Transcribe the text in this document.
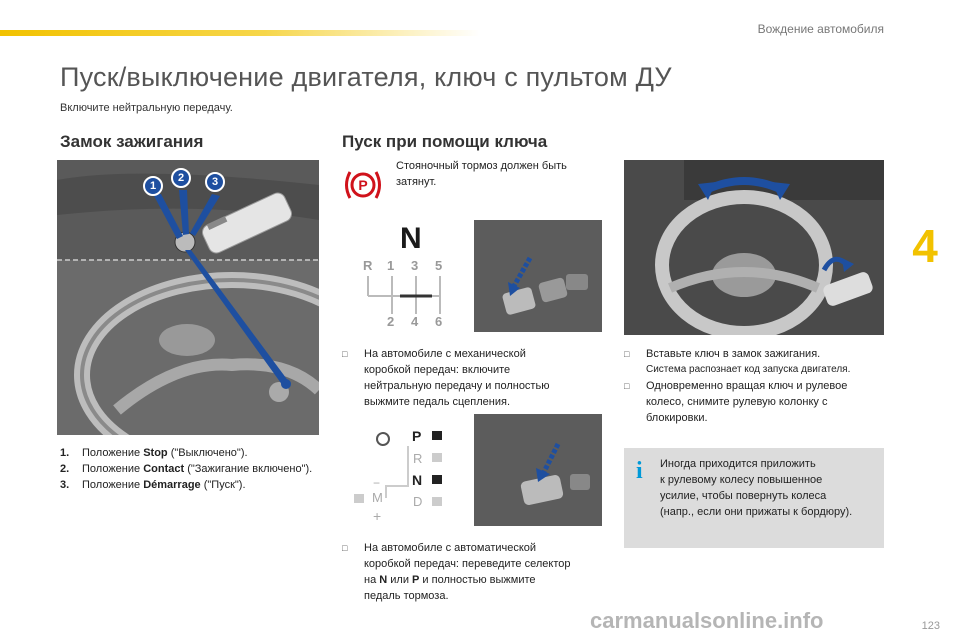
Вождение автомобиля
4
Пуск/выключение двигателя, ключ с пультом ДУ
Включите нейтральную передачу.
Замок зажигания
1
2	3
1. Положение Stop ("Выключено").
2. Положение Contact ("Зажигание включено").
3. Положение Démarrage ("Пуск").
Пуск при помощи ключа
P
Стояночный тормоз должен быть затянут.
N
R 1 3 5
2 4 6
□ На автомобиле с механической
коробкой передач: включите
нейтральную передачу и полностью
выжмите педаль сцепления.
P
R
N
D
M
−
+
□ На автомобиле с автоматической
коробкой передач: переведите селектор
на N или P и полностью выжмите
педаль тормоза.
□ Вставьте ключ в замок зажигания.
Система распознает код запуска двигателя.
□ Одновременно вращая ключ и рулевое
колесо, снимите рулевую колонку с
блокировки.
i	Иногда приходится приложить
к рулевому колесу повышенное
усилие, чтобы повернуть колеса
(напр., если они прижаты к бордюру).
carmanualsonline.info	123
